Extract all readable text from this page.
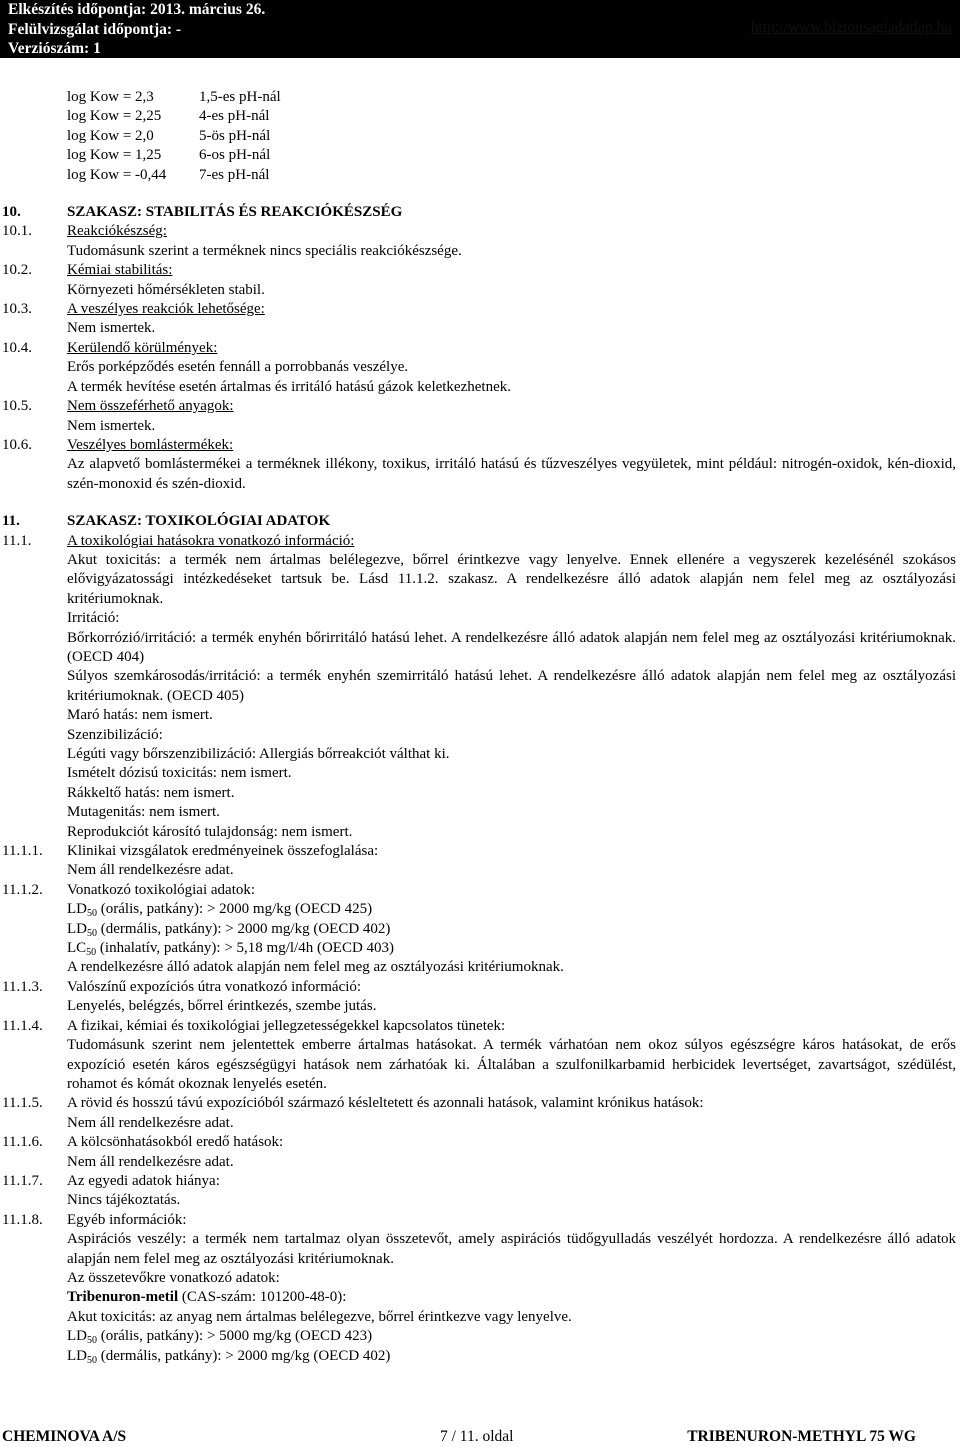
Elkészítés időpontja: 2013. március 26.
Felülvizsgálat időpontja: -
Verziószám: 1
http://www.biztonsagiadatlap.hu
log Kow = 2,3	1,5-es pH-nál
log Kow = 2,25	4-es pH-nál
log Kow = 2,0	5-ös pH-nál
log Kow = 1,25	6-os pH-nál
log Kow = -0,44 7-es pH-nál
10.	SZAKASZ: STABILITÁS ÉS REAKCIÓKÉSZSÉG
10.1. Reakciókészség:
Tudomásunk szerint a terméknek nincs speciális reakciókészsége.
10.2. Kémiai stabilitás:
Környezeti hőmérsékleten stabil.
10.3. A veszélyes reakciók lehetősége:
Nem ismertek.
10.4. Kerülendő körülmények:
Erős porképződés esetén fennáll a porrobbanás veszélye.
A termék hevítése esetén ártalmas és irritáló hatású gázok keletkezhetnek.
10.5. Nem összeférhető anyagok:
Nem ismertek.
10.6. Veszélyes bomlástermékek:
Az alapvető bomlástermékei a terméknek illékony, toxikus, irritáló hatású és tűzveszélyes vegyületek, mint például: nitrogén-oxidok, kén-dioxid, szén-monoxid és szén-dioxid.
11.	SZAKASZ: TOXIKOLÓGIAI ADATOK
11.1. A toxikológiai hatásokra vonatkozó információ:
Akut toxicitás: a termék nem ártalmas belélegezve, bőrrel érintkezve vagy lenyelve. Ennek ellenére a vegyszerek kezelésénél szokásos elővigyázatossági intézkedéseket tartsuk be. Lásd 11.1.2. szakasz. A rendelkezésre álló adatok alapján nem felel meg az osztályozási kritériumoknak.
Irritáció:
Bőrkorrózió/irritáció: a termék enyhén bőrirritáló hatású lehet. A rendelkezésre álló adatok alapján nem felel meg az osztályozási kritériumoknak. (OECD 404)
Súlyos szemkárosodás/irritáció: a termék enyhén szemirritáló hatású lehet. A rendelkezésre álló adatok alapján nem felel meg az osztályozási kritériumoknak. (OECD 405)
Maró hatás: nem ismert.
Szenzibilizáció:
Légúti vagy bőrszenzibilizáció: Allergiás bőrreakciót válthat ki.
Ismételt dózisú toxicitás: nem ismert.
Rákkeltő hatás: nem ismert.
Mutagenitás: nem ismert.
Reprodukciót károsító tulajdonság: nem ismert.
11.1.1. Klinikai vizsgálatok eredményeinek összefoglalása:
Nem áll rendelkezésre adat.
11.1.2. Vonatkozó toxikológiai adatok:
$LD_{50}$ (orális, patkány): > 2000 mg/kg (OECD 425)
$LD_{50}$ (dermális, patkány): > 2000 mg/kg (OECD 402)
$LC_{50}$ (inhalatív, patkány): > 5,18 mg/l/4h (OECD 403)
A rendelkezésre álló adatok alapján nem felel meg az osztályozási kritériumoknak.
11.1.3. Valószínű expozíciós útra vonatkozó információ:
Lenyelés, belégzés, bőrrel érintkezés, szembe jutás.
11.1.4. A fizikai, kémiai és toxikológiai jellegzetességekkel kapcsolatos tünetek:
Tudomásunk szerint nem jelentettek emberre ártalmas hatásokat. A termék várhatóan nem okoz súlyos egészségre káros hatásokat, de erős expozíció esetén káros egészségügyi hatások nem zárhatóak ki. Általában a szulfonilkarbamid herbicidek levertséget, zavartságot, szédülést, rohamot és kómát okoznak lenyelés esetén.
11.1.5. A rövid és hosszú távú expozícióból származó késleltetett és azonnali hatások, valamint krónikus hatások:
Nem áll rendelkezésre adat.
11.1.6. A kölcsönhatásokból eredő hatások:
Nem áll rendelkezésre adat.
11.1.7. Az egyedi adatok hiánya:
Nincs tájékoztatás.
11.1.8. Egyéb információk:
Aspirációs veszély: a termék nem tartalmaz olyan összetevőt, amely aspirációs tüdőgyulladás veszélyét hordozza. A rendelkezésre álló adatok alapján nem felel meg az osztályozási kritériumoknak.
Az összetevőkre vonatkozó adatok:
Tribenuron-metil (CAS-szám: 101200-48-0):
Akut toxicitás: az anyag nem ártalmas belélegezve, bőrrel érintkezve vagy lenyelve.
$LD_{50}$ (orális, patkány): > 5000 mg/kg (OECD 423)
$LD_{50}$ (dermális, patkány): > 2000 mg/kg (OECD 402)
CHEMINOVA A/S	7 / 11. oldal	TRIBENURON-METHYL 75 WG
